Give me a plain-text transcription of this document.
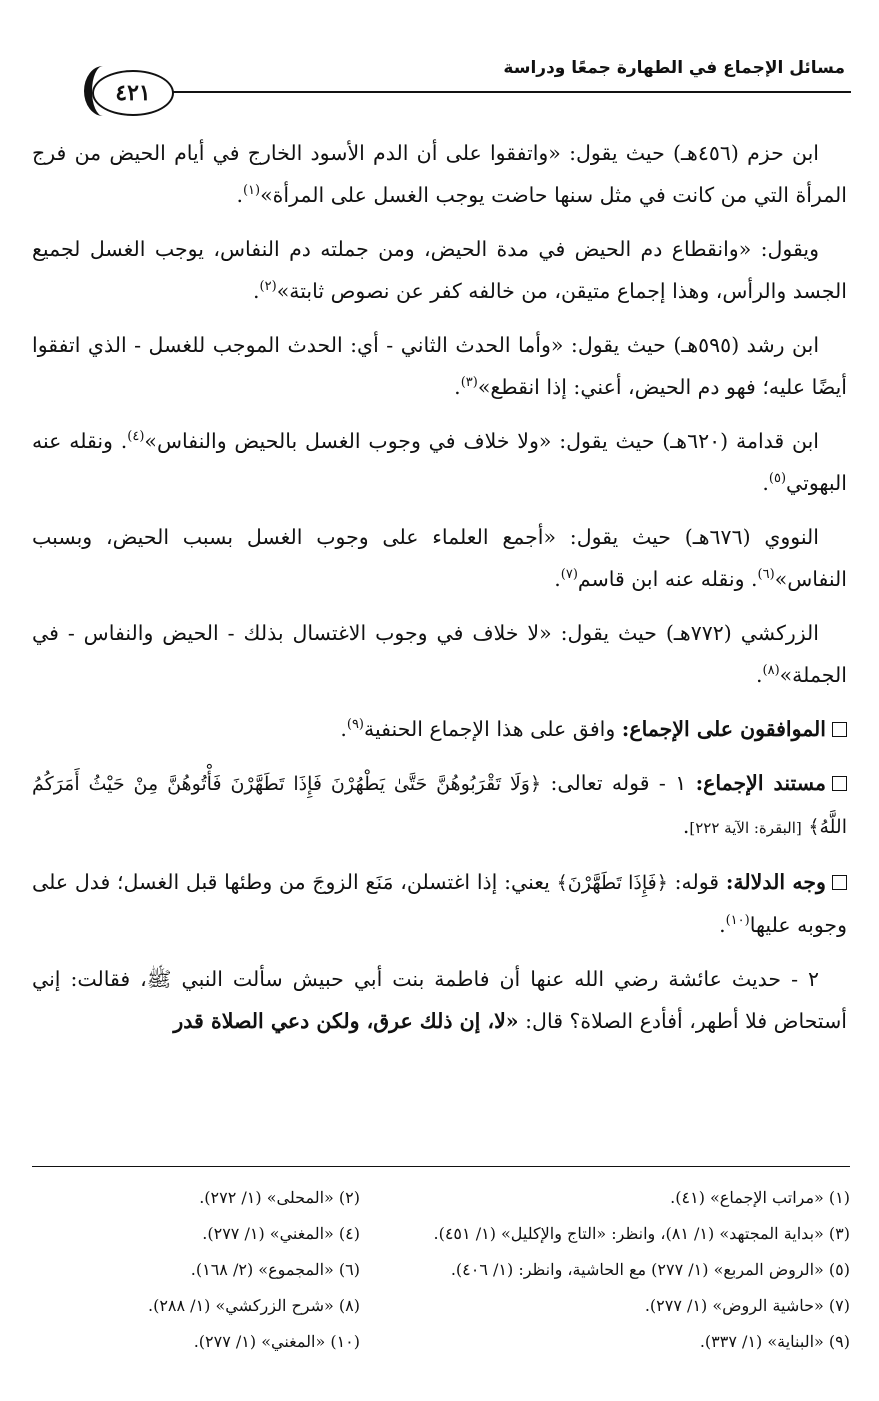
مسائل الإجماع في الطهارة جمعًا ودراسة
٤٢١

ابن حزم (٤٥٦هـ) حيث يقول: «واتفقوا على أن الدم الأسود الخارج في أيام الحيض من فرج المرأة التي من كانت في مثل سنها حاضت يوجب الغسل على المرأة»$^{(١)}$.

ويقول: «وانقطاع دم الحيض في مدة الحيض، ومن جملته دم النفاس، يوجب الغسل لجميع الجسد والرأس، وهذا إجماع متيقن، من خالفه كفر عن نصوص ثابتة»$^{(٢)}$.

ابن رشد (٥٩٥هـ) حيث يقول: «وأما الحدث الثاني - أي: الحدث الموجب للغسل - الذي اتفقوا أيضًا عليه؛ فهو دم الحيض، أعني: إذا انقطع»$^{(٣)}$.

ابن قدامة (٦٢٠هـ) حيث يقول: «ولا خلاف في وجوب الغسل بالحيض والنفاس»$^{(٤)}$. ونقله عنه البهوتي$^{(٥)}$.

النووي (٦٧٦هـ) حيث يقول: «أجمع العلماء على وجوب الغسل بسبب الحيض، وبسبب النفاس»$^{(٦)}$. ونقله عنه ابن قاسم$^{(٧)}$.

الزركشي (٧٧٢هـ) حيث يقول: «لا خلاف في وجوب الاغتسال بذلك - الحيض والنفاس - في الجملة»$^{(٨)}$.

الموافقون على الإجماع: وافق على هذا الإجماع الحنفية$^{(٩)}$.

مستند الإجماع: ١ - قوله تعالى: ﴿وَلَا تَقْرَبُوهُنَّ حَتَّىٰ يَطْهُرْنَ فَإِذَا تَطَهَّرْنَ فَأْتُوهُنَّ مِنْ حَيْثُ أَمَرَكُمُ اللَّهُ﴾ [البقرة: الآية ٢٢٢].

وجه الدلالة: قوله: ﴿فَإِذَا تَطَهَّرْنَ﴾ يعني: إذا اغتسلن، مَنَع الزوجَ من وطئها قبل الغسل؛ فدل على وجوبه عليها$^{(١٠)}$.

٢ - حديث عائشة رضي الله عنها أن فاطمة بنت أبي حبيش سألت النبي ﷺ، فقالت: إني أستحاض فلا أطهر، أفأدع الصلاة؟ قال: «لا، إن ذلك عرق، ولكن دعي الصلاة قدر

(١) «مراتب الإجماع» (٤١).
(٢) «المحلى» (١/ ٢٧٢).
(٣) «بداية المجتهد» (١/ ٨١)، وانظر: «التاج والإكليل» (١/ ٤٥١).
(٤) «المغني» (١/ ٢٧٧).
(٥) «الروض المربع» (١/ ٢٧٧) مع الحاشية، وانظر: (١/ ٤٠٦).
(٦) «المجموع» (٢/ ١٦٨).
(٧) «حاشية الروض» (١/ ٢٧٧).
(٨) «شرح الزركشي» (١/ ٢٨٨).
(٩) «البناية» (١/ ٣٣٧).
(١٠) «المغني» (١/ ٢٧٧).
